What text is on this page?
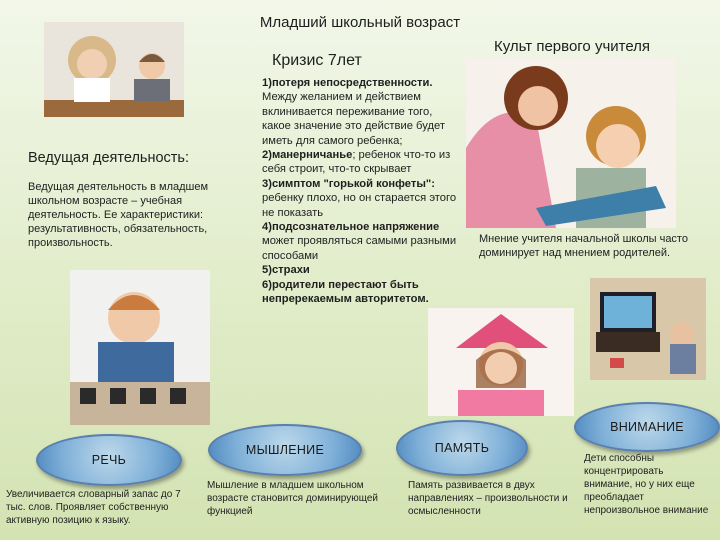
Младший школьный возраст
Кризис 7лет
Культ первого учителя
1)потеря непосредственности. Между желанием и действием вклинивается переживание того, какое значение это действие будет иметь для самого ребенка;
2)манерничанье; ребенок что-то из себя строит, что-то скрывает
3)симптом "горькой конфеты": ребенку плохо, но он старается этого не показать
4)подсознательное напряжение может проявляться самыми разными способами
5)страхи
6)родители перестают быть непререкаемым авторитетом.
Ведущая деятельность:
Ведущая деятельность в младшем школьном возрасте – учебная деятельность. Ее характеристики: результативность, обязательность, произвольность.	Мнение учителя начальной школы часто доминирует над мнением родителей.
РЕЧЬ
МЫШЛЕНИЕ	ПАМЯТЬ
ВНИМАНИЕ
Увеличивается словарный запас до 7 тыс. слов. Проявляет собственную активную позицию к языку.
Мышление в младшем школьном возрасте становится доминирующей функцией
Память развивается в двух направлениях – произвольности и осмысленности
Дети способны концентрировать внимание, но у них еще преобладает непроизвольное внимание
